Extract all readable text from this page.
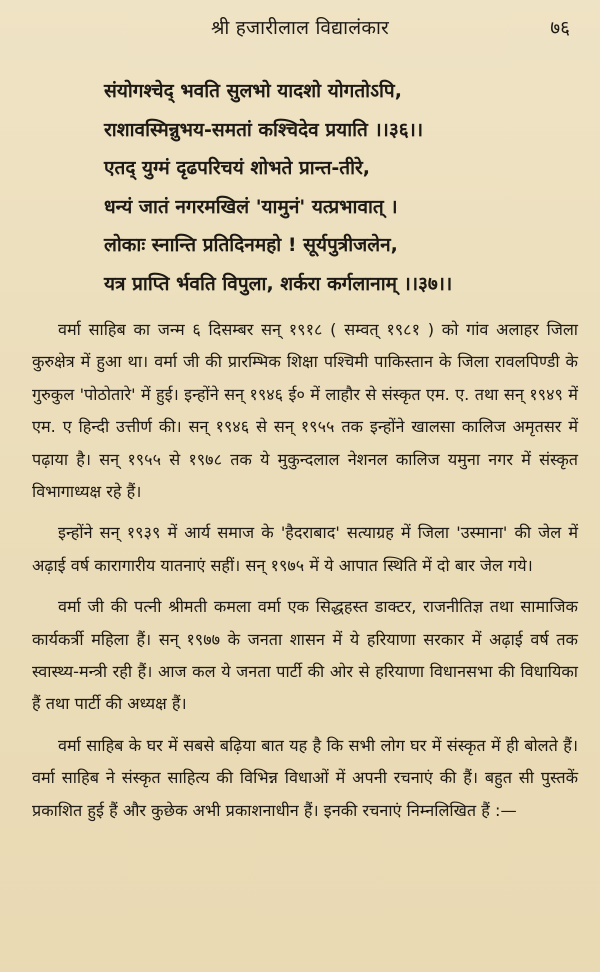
श्री हजारीलाल विद्यालंकार	७६
संयोगश्चेद् भवति सुलभो यादशो योगतोऽपि,
राशावस्मिन्नुभय-समतां कश्चिदेव प्रयाति ।।३६।।
एतद् युग्मं दृढपरिचयं शोभते प्रान्त-तीरे,
धन्यं जातं नगरमखिलं 'यामुनं' यत्प्रभावात् ।
लोकाः स्नान्ति प्रतिदिनमहो ! सूर्यपुत्रीजलेन,
यत्र प्राप्ति र्भवति विपुला, शर्करा कर्गलानाम् ।।३७।।

वर्मा साहिब का जन्म ६ दिसम्बर सन् १९१८ ( सम्वत् १९८१ ) को गांव अलाहर जिला कुरुक्षेत्र में हुआ था। वर्मा जी की प्रारम्भिक शिक्षा पश्चिमी पाकिस्तान के जिला रावलपिण्डी के गुरुकुल 'पोठोतारे' में हुई। इन्होंने सन् १९४६ ई० में लाहौर से संस्कृत एम. ए. तथा सन् १९४९ में एम. ए हिन्दी उत्तीर्ण की। सन् १९४६ से सन् १९५५ तक इन्होंने खालसा कालिज अमृतसर में पढ़ाया है। सन् १९५५ से १९७८ तक ये मुकुन्दलाल नेशनल कालिज यमुना नगर में संस्कृत विभागाध्यक्ष रहे हैं।

इन्होंने सन् १९३९ में आर्य समाज के 'हैदराबाद' सत्याग्रह में जिला 'उस्माना' की जेल में अढ़ाई वर्ष कारागारीय यातनाएं सहीं। सन् १९७५ में ये आपात स्थिति में दो बार जेल गये।

वर्मा जी की पत्नी श्रीमती कमला वर्मा एक सिद्धहस्त डाक्टर, राजनीतिज्ञ तथा सामाजिक कार्यकर्त्री महिला हैं। सन् १९७७ के जनता शासन में ये हरियाणा सरकार में अढ़ाई वर्ष तक स्वास्थ्य-मन्त्री रही हैं। आज कल ये जनता पार्टी की ओर से हरियाणा विधानसभा की विधायिका हैं तथा पार्टी की अध्यक्ष हैं।

वर्मा साहिब के घर में सबसे बढ़िया बात यह है कि सभी लोग घर में संस्कृत में ही बोलते हैं। वर्मा साहिब ने संस्कृत साहित्य की विभिन्न विधाओं में अपनी रचनाएं की हैं। बहुत सी पुस्तकें प्रकाशित हुई हैं और कुछेक अभी प्रकाशनाधीन हैं। इनकी रचनाएं निम्नलिखित हैं :—
